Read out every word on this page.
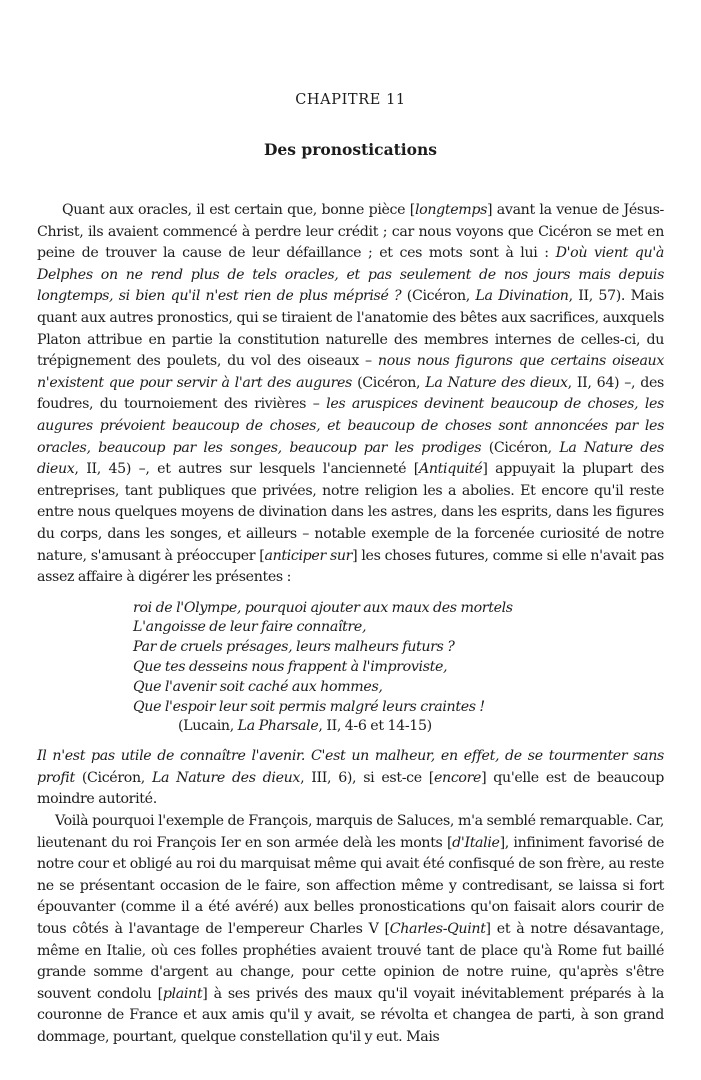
CHAPITRE 11
Des pronostications

Quant aux oracles, il est certain que, bonne pièce [longtemps] avant la venue de Jésus-Christ, ils avaient commencé à perdre leur crédit ; car nous voyons que Cicéron se met en peine de trouver la cause de leur défaillance ; et ces mots sont à lui : D'où vient qu'à Delphes on ne rend plus de tels oracles, et pas seulement de nos jours mais depuis longtemps, si bien qu'il n'est rien de plus méprisé ? (Cicéron, La Divination, II, 57). Mais quant aux autres pronostics, qui se tiraient de l'anatomie des bêtes aux sacrifices, auxquels Platon attribue en partie la constitution naturelle des membres internes de celles-ci, du trépignement des poulets, du vol des oiseaux – nous nous figurons que certains oiseaux n'existent que pour servir à l'art des augures (Cicéron, La Nature des dieux, II, 64) –, des foudres, du tournoiement des rivières – les aruspices devinent beaucoup de choses, les augures prévoient beaucoup de choses, et beaucoup de choses sont annoncées par les oracles, beaucoup par les songes, beaucoup par les prodiges (Cicéron, La Nature des dieux, II, 45) –, et autres sur lesquels l'ancienneté [Antiquité] appuyait la plupart des entreprises, tant publiques que privées, notre religion les a abolies. Et encore qu'il reste entre nous quelques moyens de divination dans les astres, dans les esprits, dans les figures du corps, dans les songes, et ailleurs – notable exemple de la forcenée curiosité de notre nature, s'amusant à préoccuper [anticiper sur] les choses futures, comme si elle n'avait pas assez affaire à digérer les présentes :

roi de l'Olympe, pourquoi ajouter aux maux des mortels
L'angoisse de leur faire connaître,
Par de cruels présages, leurs malheurs futurs ?
Que tes desseins nous frappent à l'improviste,
Que l'avenir soit caché aux hommes,
Que l'espoir leur soit permis malgré leurs craintes !
(Lucain, La Pharsale, II, 4-6 et 14-15)

Il n'est pas utile de connaître l'avenir. C'est un malheur, en effet, de se tourmenter sans profit (Cicéron, La Nature des dieux, III, 6), si est-ce [encore] qu'elle est de beaucoup moindre autorité.

Voilà pourquoi l'exemple de François, marquis de Saluces, m'a semblé remarquable. Car, lieutenant du roi François Ier en son armée delà les monts [d'Italie], infiniment favorisé de notre cour et obligé au roi du marquisat même qui avait été confisqué de son frère, au reste ne se présentant occasion de le faire, son affection même y contredisant, se laissa si fort épouvanter (comme il a été avéré) aux belles pronostications qu'on faisait alors courir de tous côtés à l'avantage de l'empereur Charles V [Charles-Quint] et à notre désavantage, même en Italie, où ces folles prophéties avaient trouvé tant de place qu'à Rome fut baillé grande somme d'argent au change, pour cette opinion de notre ruine, qu'après s'être souvent condolu [plaint] à ses privés des maux qu'il voyait inévitablement préparés à la couronne de France et aux amis qu'il y avait, se révolta et changea de parti, à son grand dommage, pourtant, quelque constellation qu'il y eut. Mais
